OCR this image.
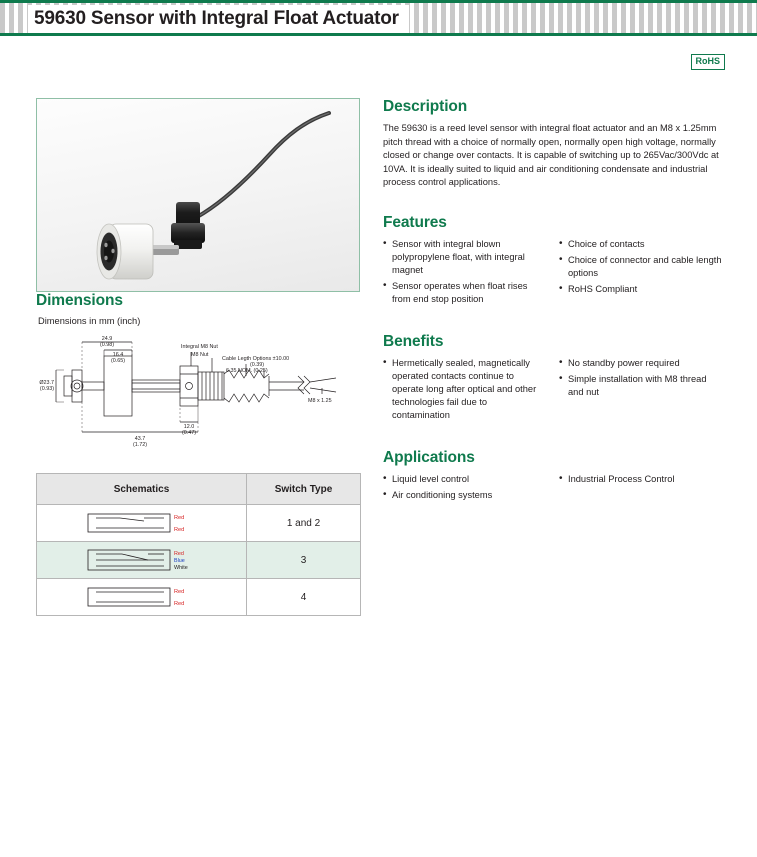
59630 Sensor with Integral Float Actuator
RoHS
Dimensions

Dimensions in mm (inch)

24.9
(0.98)
16.4
(0.65)
43.7
(1.72)
12.0
(0.47)
Integral M8 Nut
M8 Nut
Cable Legth Options ±10.00
(0.39)
6.35 NOM. (0.25)
M8 x 1.25
Ø23.7
(0.93)
Schematics	Switch Type

Red
Red	1 and 2

Red
Blue
White	3

Red
Red	4
Description

The 59630 is a reed level sensor with integral float actuator and an M8 x 1.25mm pitch thread with a choice of normally open, normally open high voltage, normally closed or change over contacts. It is capable of switching up to 265Vac/300Vdc at 10VA. It is ideally suited to liquid and air conditioning condensate and industrial process control applications.

Features
• Sensor with integral blown polypropylene float, with integral magnet
• Sensor operates when float rises from end stop position
• Choice of contacts
• Choice of connector and cable length options
• RoHS Compliant
Benefits
• Hermetically sealed, magnetically operated contacts continue to operate long after optical and other technologies fail due to contamination
• No standby power required
• Simple installation with M8 thread and nut
Applications
• Liquid level control
• Air conditioning systems
• Industrial Process Control
